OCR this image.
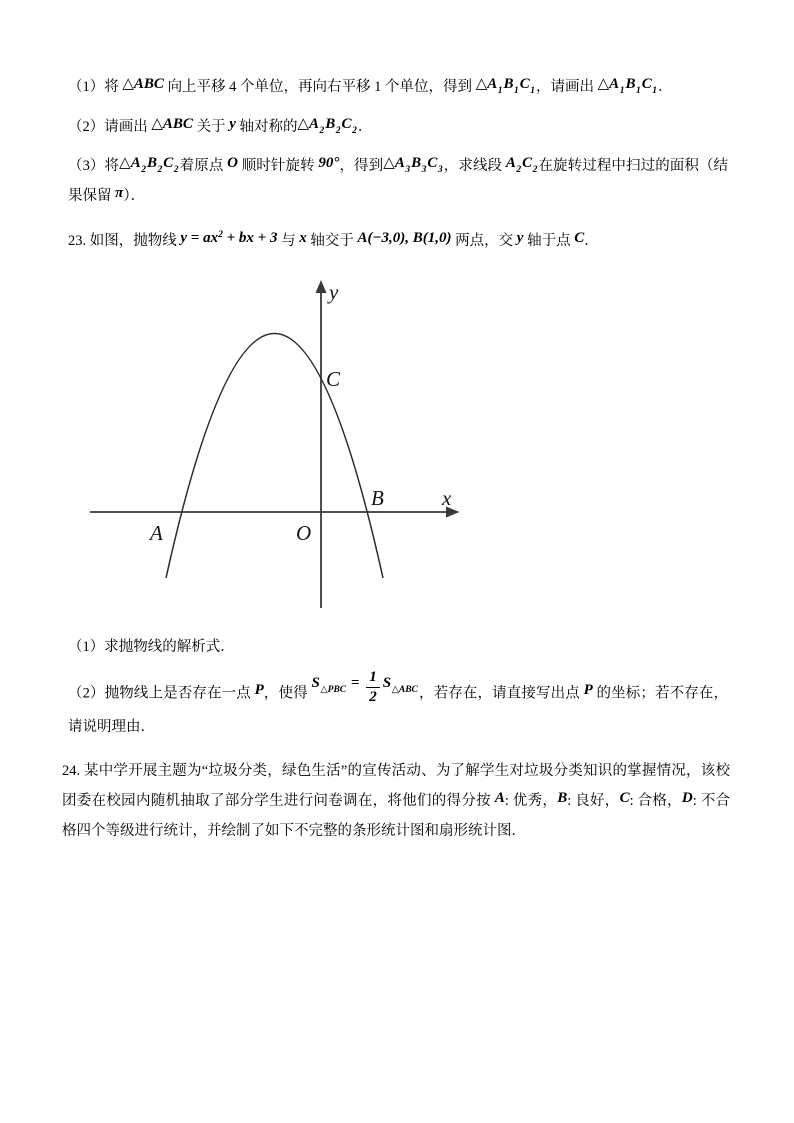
（1）将 △ABC 向上平移 4 个单位，再向右平移 1 个单位，得到 $\triangle A_1B_1C_1$，请画出 $\triangle A_1B_1C_1$．
（2）请画出 △ABC 关于 y 轴对称的$\triangle A_2B_2C_2$．
（3）将$\triangle A_2B_2C_2$着原点 O 顺时针旋转 90°，得到$\triangle A_3B_3C_3$，求线段 $A_2C_2$在旋转过程中扫过的面积（结果保留 π）．
23. 如图，抛物线 $y = ax^2$ + bx + 3 与 x 轴交于 A(−3,0), B(1,0) 两点，交 y 轴于点 C．
y
x
O
A
B
C
（1）求抛物线的解析式．
（2）抛物线上是否存在一点 P，使得 $S_{\triangle PBC} = \frac{1}{2} S_{\triangle ABC}$，若存在，请直接写出点 P 的坐标；若不存在，请说明理由．
24. 某中学开展主题为“垃圾分类，绿色生活”的宣传活动、为了解学生对垃圾分类知识的掌握情况，该校团委在校园内随机抽取了部分学生进行问卷调在，将他们的得分按 A: 优秀，B: 良好，C: 合格，D: 不合格四个等级进行统计，并绘制了如下不完整的条形统计图和扇形统计图．
